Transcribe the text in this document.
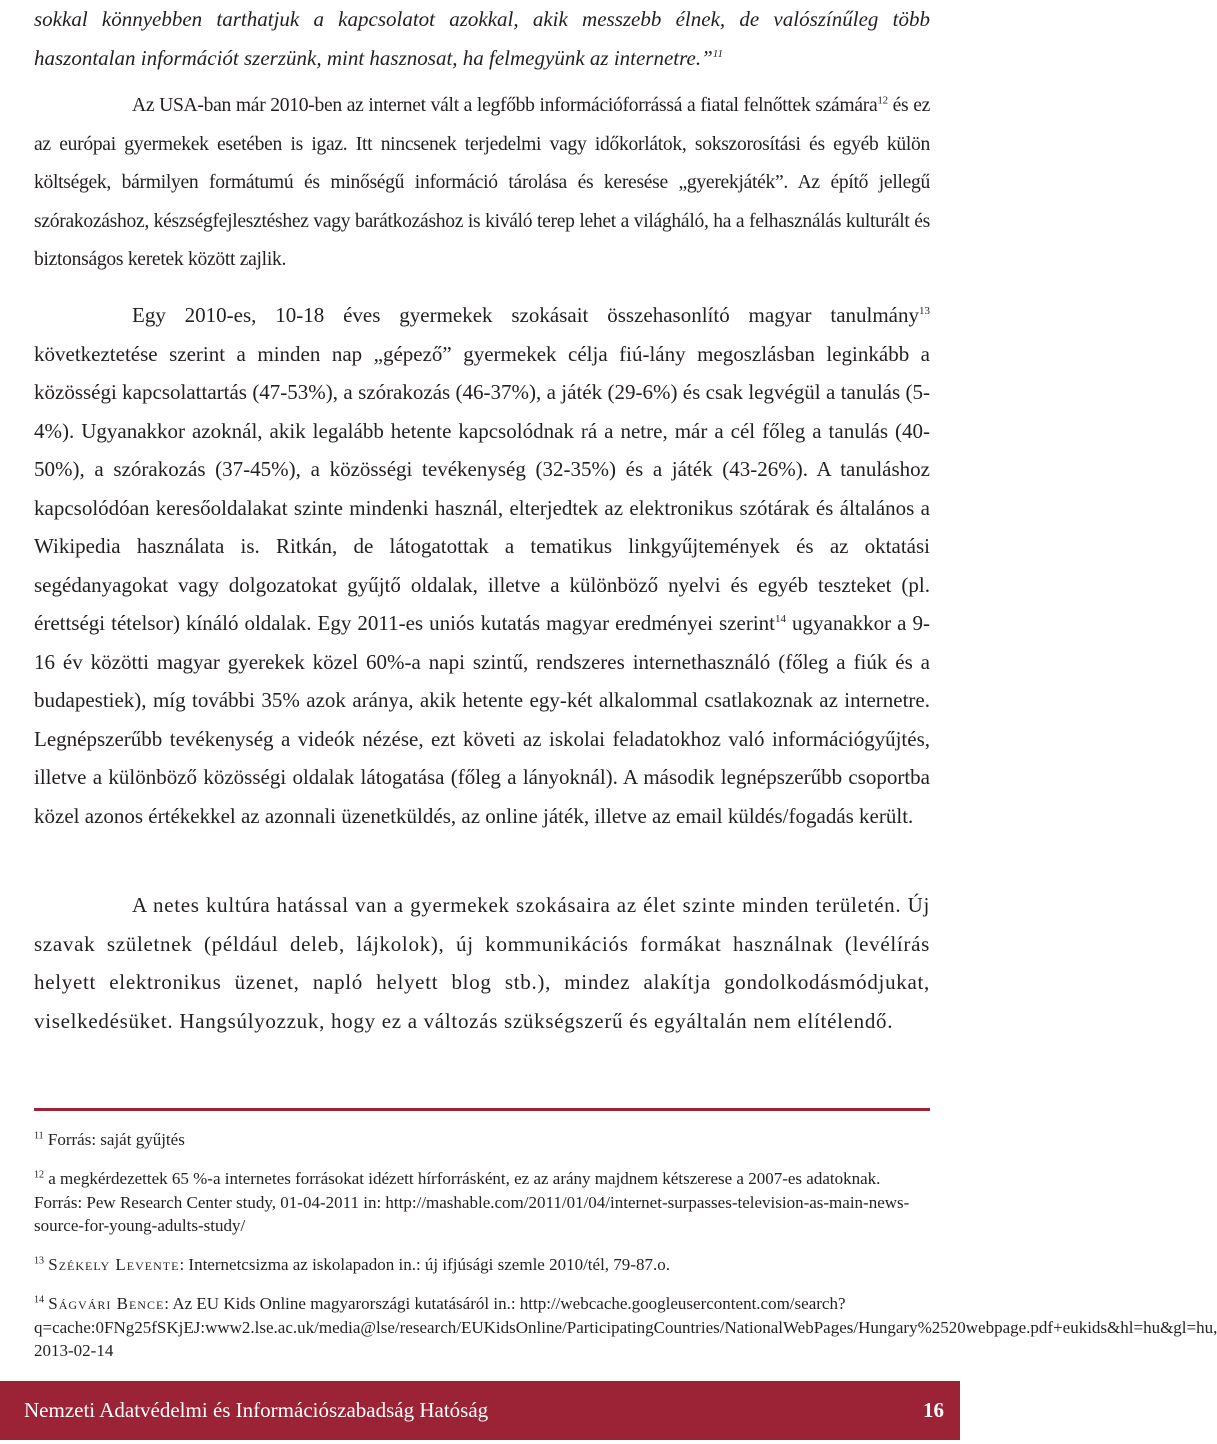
sokkal könnyebben tarthatjuk a kapcsolatot azokkal, akik messzebb élnek, de valószínűleg több haszontalan információt szerzünk, mint hasznosat, ha felmegyünk az internetre.”$^{11}$

Az USA-ban már 2010-ben az internet vált a legfőbb információforrássá a fiatal felnőttek számára$^{12}$ és ez az európai gyermekek esetében is igaz. Itt nincsenek terjedelmi vagy időkorlátok, sokszorosítási és egyéb külön költségek, bármilyen formátumú és minőségű információ tárolása és keresése „gyerekjáték”. Az építő jellegű szórakozáshoz, készségfejlesztéshez vagy barátkozáshoz is kiváló terep lehet a világháló, ha a felhasználás kulturált és biztonságos keretek között zajlik.

Egy 2010-es, 10-18 éves gyermekek szokásait összehasonlító magyar tanulmány$^{13}$ következtetése szerint a minden nap „gépező” gyermekek célja fiú-lány megoszlásban leginkább a közösségi kapcsolattartás (47-53%), a szórakozás (46-37%), a játék (29-6%) és csak legvégül a tanulás (5-4%). Ugyanakkor azoknál, akik legalább hetente kapcsolódnak rá a netre, már a cél főleg a tanulás (40-50%), a szórakozás (37-45%), a közösségi tevékenység (32-35%) és a játék (43-26%). A tanuláshoz kapcsolódóan keresőoldalakat szinte mindenki használ, elterjedtek az elektronikus szótárak és általános a Wikipedia használata is. Ritkán, de látogatottak a tematikus linkgyűjtemények és az oktatási segédanyagokat vagy dolgozatokat gyűjtő oldalak, illetve a különböző nyelvi és egyéb teszteket (pl. érettségi tételsor) kínáló oldalak. Egy 2011-es uniós kutatás magyar eredményei szerint$^{14}$ ugyanakkor a 9-16 év közötti magyar gyerekek közel 60%-a napi szintű, rendszeres internethasználó (főleg a fiúk és a budapestiek), míg további 35% azok aránya, akik hetente egy-két alkalommal csatlakoznak az internetre. Legnépszerűbb tevékenység a videók nézése, ezt követi az iskolai feladatokhoz való információgyűjtés, illetve a különböző közösségi oldalak látogatása (főleg a lányoknál). A második legnépszerűbb csoportba közel azonos értékekkel az azonnali üzenetküldés, az online játék, illetve az email küldés/fogadás került.

A netes kultúra hatással van a gyermekek szokásaira az élet szinte minden területén. Új szavak születnek (például deleb, lájkolok), új kommunikációs formákat használnak (levélírás helyett elektronikus üzenet, napló helyett blog stb.), mindez alakítja gondolkodásmódjukat, viselkedésüket. Hangsúlyozzuk, hogy ez a változás szükségszerű és egyáltalán nem elítélendő.

$^{11}$ Forrás: saját gyűjtés

$^{12}$ a megkérdezettek 65 %-a internetes forrásokat idézett hírforrásként, ez az arány majdnem kétszerese a 2007-es adatoknak. Forrás: Pew Research Center study, 01-04-2011 in: http://mashable.com/2011/01/04/internet-surpasses-television-as-main-news-source-for-young-adults-study/

$^{13}$ Székely Levente: Internetcsizma az iskolapadon in.: új ifjúsági szemle 2010/tél, 79-87.o.

$^{14}$ Ságvári Bence: Az EU Kids Online magyarországi kutatásáról in.: http://webcache.googleusercontent.com/search?q=cache:0FNg25fSKjEJ:www2.lse.ac.uk/media@lse/research/EUKidsOnline/ParticipatingCountries/NationalWebPages/Hungary%2520webpage.pdf+eukids&hl=hu&gl=hu, 2013-02-14

Nemzeti Adatvédelmi és Információszabadság Hatóság	16
